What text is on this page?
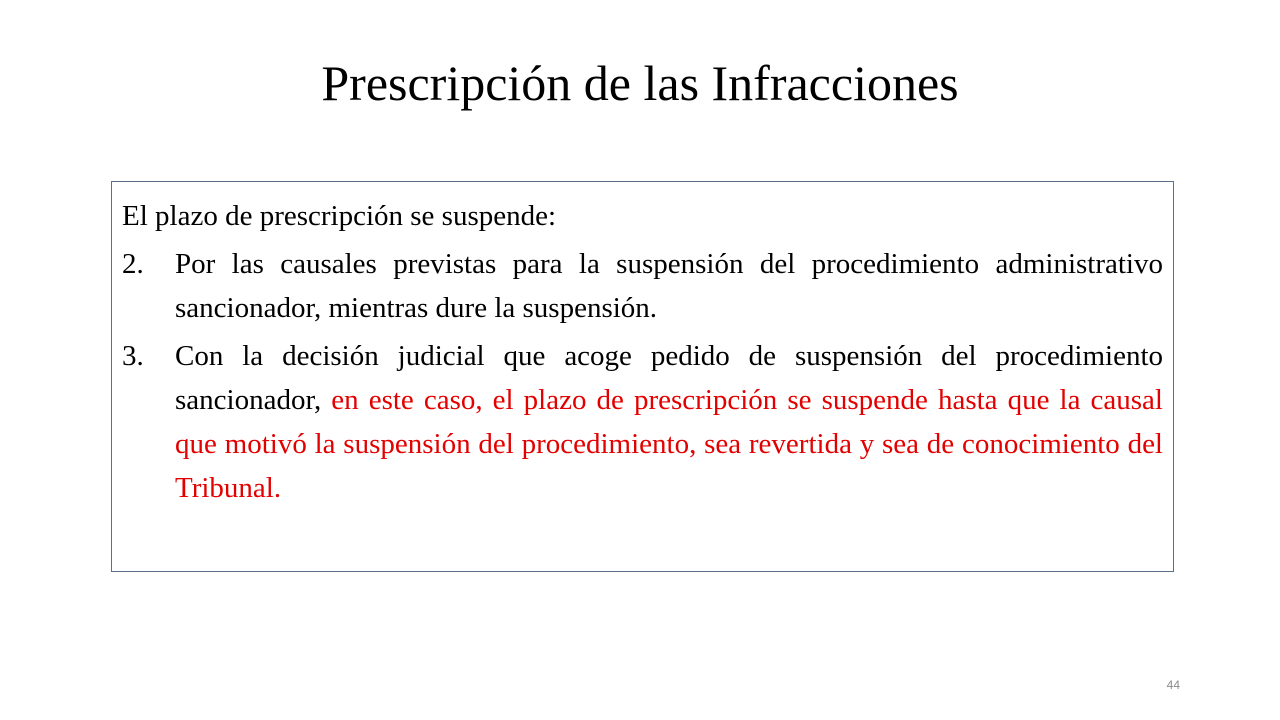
Prescripción de las Infracciones

El plazo de prescripción se suspende:

2.	Por las causales previstas para la suspensión del procedimiento administrativo sancionador, mientras dure la suspensión.
3.	Con la decisión judicial que acoge pedido de suspensión del procedimiento sancionador, en este caso, el plazo de prescripción se suspende hasta que la causal que motivó la suspensión del procedimiento, sea revertida y sea de conocimiento del Tribunal.
44
